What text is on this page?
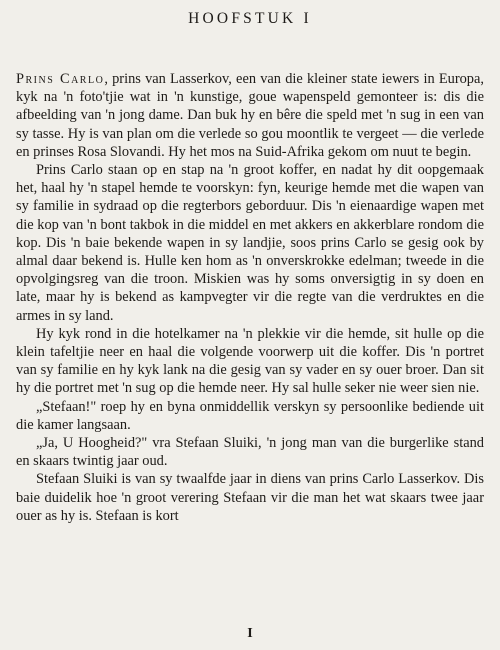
HOOFSTUK I

Prins Carlo, prins van Lasserkov, een van die kleiner state iewers in Europa, kyk na 'n foto'tjie wat in 'n kunstige, goue wapenspeld gemonteer is: dis die afbeelding van 'n jong dame. Dan buk hy en bêre die speld met 'n sug in een van sy tasse. Hy is van plan om die verlede so gou moontlik te vergeet — die verlede en prinses Rosa Slovandi. Hy het mos na Suid-Afrika gekom om nuut te begin.

Prins Carlo staan op en stap na 'n groot koffer, en nadat hy dit oopgemaak het, haal hy 'n stapel hemde te voorskyn: fyn, keurige hemde met die wapen van sy familie in sydraad op die regterbors geborduur. Dis 'n eienaardige wapen met die kop van 'n bont takbok in die middel en met akkers en akkerblare rondom die kop. Dis 'n baie bekende wapen in sy landjie, soos prins Carlo se gesig ook by almal daar bekend is. Hulle ken hom as 'n onverskrokke edelman; tweede in die opvolgingsreg van die troon. Miskien was hy soms onversigtig in sy doen en late, maar hy is bekend as kampvegter vir die regte van die verdruktes en die armes in sy land.

Hy kyk rond in die hotelkamer na 'n plekkie vir die hemde, sit hulle op die klein tafeltjie neer en haal die volgende voorwerp uit die koffer. Dis 'n portret van sy familie en hy kyk lank na die gesig van sy vader en sy ouer broer. Dan sit hy die portret met 'n sug op die hemde neer. Hy sal hulle seker nie weer sien nie.

„Stefaan!" roep hy en byna onmiddellik verskyn sy persoonlike bediende uit die kamer langsaan.

„Ja, U Hoogheid?" vra Stefaan Sluiki, 'n jong man van die burgerlike stand en skaars twintig jaar oud.

Stefaan Sluiki is van sy twaalfde jaar in diens van prins Carlo Lasserkov. Dis baie duidelik hoe 'n groot verering Stefaan vir die man het wat skaars twee jaar ouer as hy is. Stefaan is kort

I
